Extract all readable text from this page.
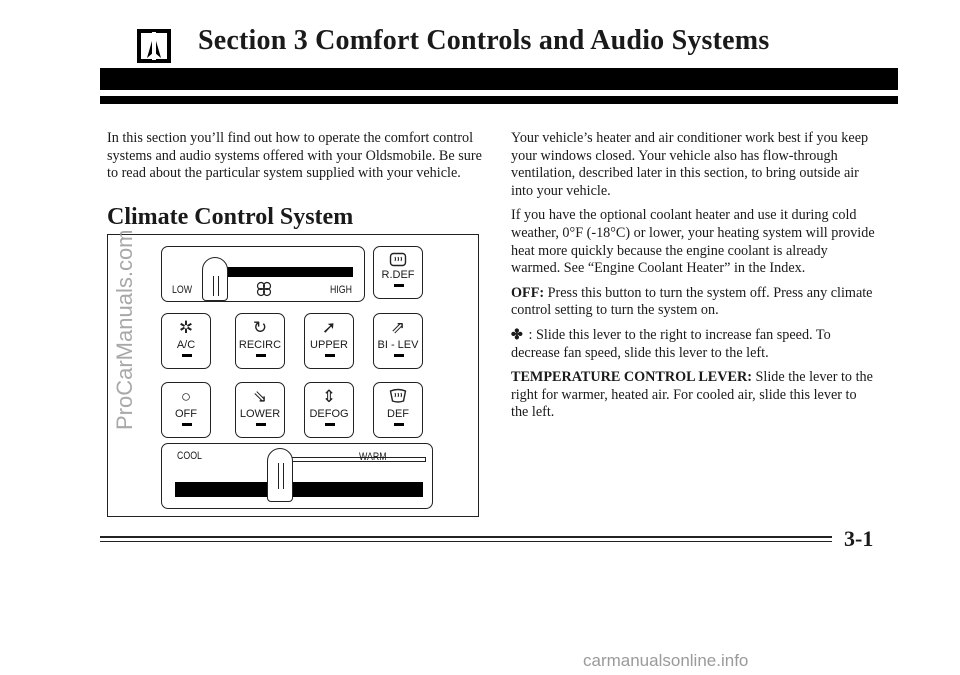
Section 3 Comfort Controls and Audio Systems
In this section you’ll find out how to operate the comfort control systems and audio systems offered with your Oldsmobile. Be sure to read about the particular system supplied with your vehicle.
Climate Control System
LOW	HIGH
R.DEF
✲
A/C
↻
RECIRC
➚
UPPER
⇗
BI - LEV
○
OFF
⇘
LOWER
⇕
DEFOG	DEF
COOL	WARM

Your vehicle’s heater and air conditioner work best if you keep your windows closed. Your vehicle also has flow-through ventilation, described later in this section, to bring outside air into your vehicle.

If you have the optional coolant heater and use it during cold weather, 0°F (-18°C) or lower, your heating system will provide heat more quickly because the engine coolant is already warmed. See “Engine Coolant Heater” in the Index.

OFF: Press this button to turn the system off. Press any climate control setting to turn the system on.

✤ : Slide this lever to the right to increase fan speed. To decrease fan speed, slide this lever to the left.

TEMPERATURE CONTROL LEVER: Slide the lever to the right for warmer, heated air. For cooled air, slide this lever to the left.

3-1
ProCarManuals.com
carmanualsonline.info
